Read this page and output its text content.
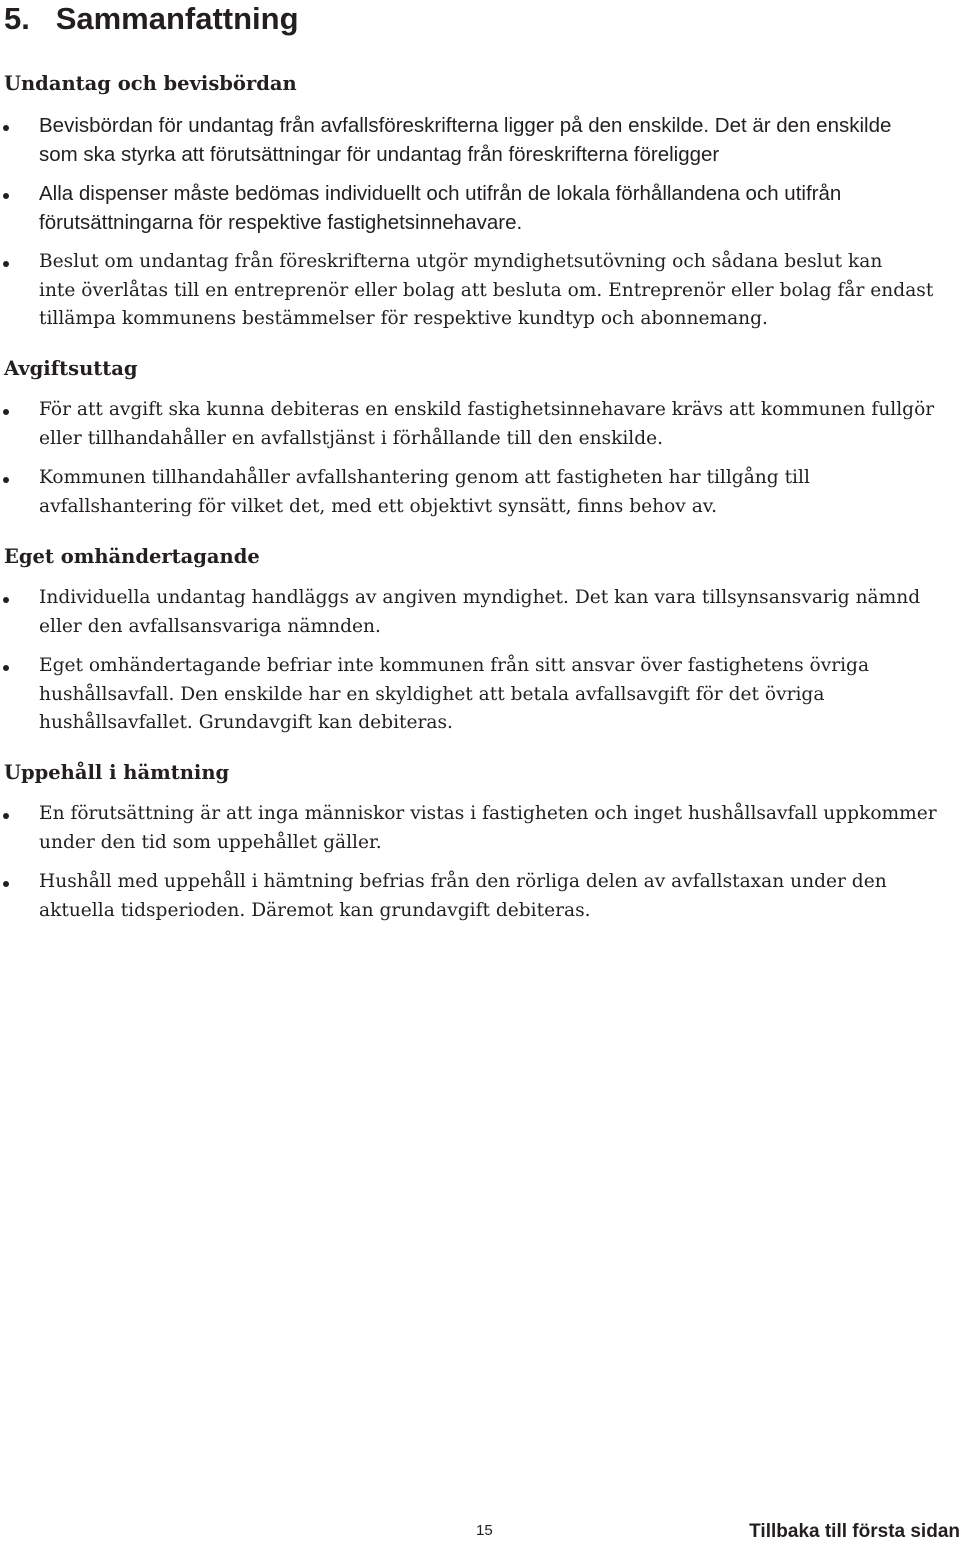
5.   Sammanfattning
Undantag och bevisbördan

Bevisbördan för undantag från avfallsföreskrifterna ligger på den enskilde. Det är den enskilde
som ska styrka att förutsättningar för undantag från föreskrifterna föreligger

Alla dispenser måste bedömas individuellt och utifrån de lokala förhållandena och utifrån
förutsättningarna för respektive fastighetsinnehavare.

Beslut om undantag från föreskrifterna utgör myndighetsutövning och sådana beslut kan
inte överlåtas till en entreprenör eller bolag att besluta om. Entreprenör eller bolag får endast
tillämpa kommunens bestämmelser för respektive kundtyp och abonnemang.

Avgiftsuttag

För att avgift ska kunna debiteras en enskild fastighetsinnehavare krävs att kommunen fullgör
eller tillhandahåller en avfallstjänst i förhållande till den enskilde.

Kommunen tillhandahåller avfallshantering genom att fastigheten har tillgång till
avfallshantering för vilket det, med ett objektivt synsätt, finns behov av.

Eget omhändertagande

Individuella undantag handläggs av angiven myndighet. Det kan vara tillsynsansvarig nämnd
eller den avfallsansvariga nämnden.

Eget omhändertagande befriar inte kommunen från sitt ansvar över fastighetens övriga
hushållsavfall. Den enskilde har en skyldighet att betala avfallsavgift för det övriga
hushållsavfallet. Grundavgift kan debiteras.

Uppehåll i hämtning

En förutsättning är att inga människor vistas i fastigheten och inget hushållsavfall uppkommer
under den tid som uppehållet gäller.

Hushåll med uppehåll i hämtning befrias från den rörliga delen av avfallstaxan under den
aktuella tidsperioden. Däremot kan grundavgift debiteras.

15	Tillbaka till första sidan
